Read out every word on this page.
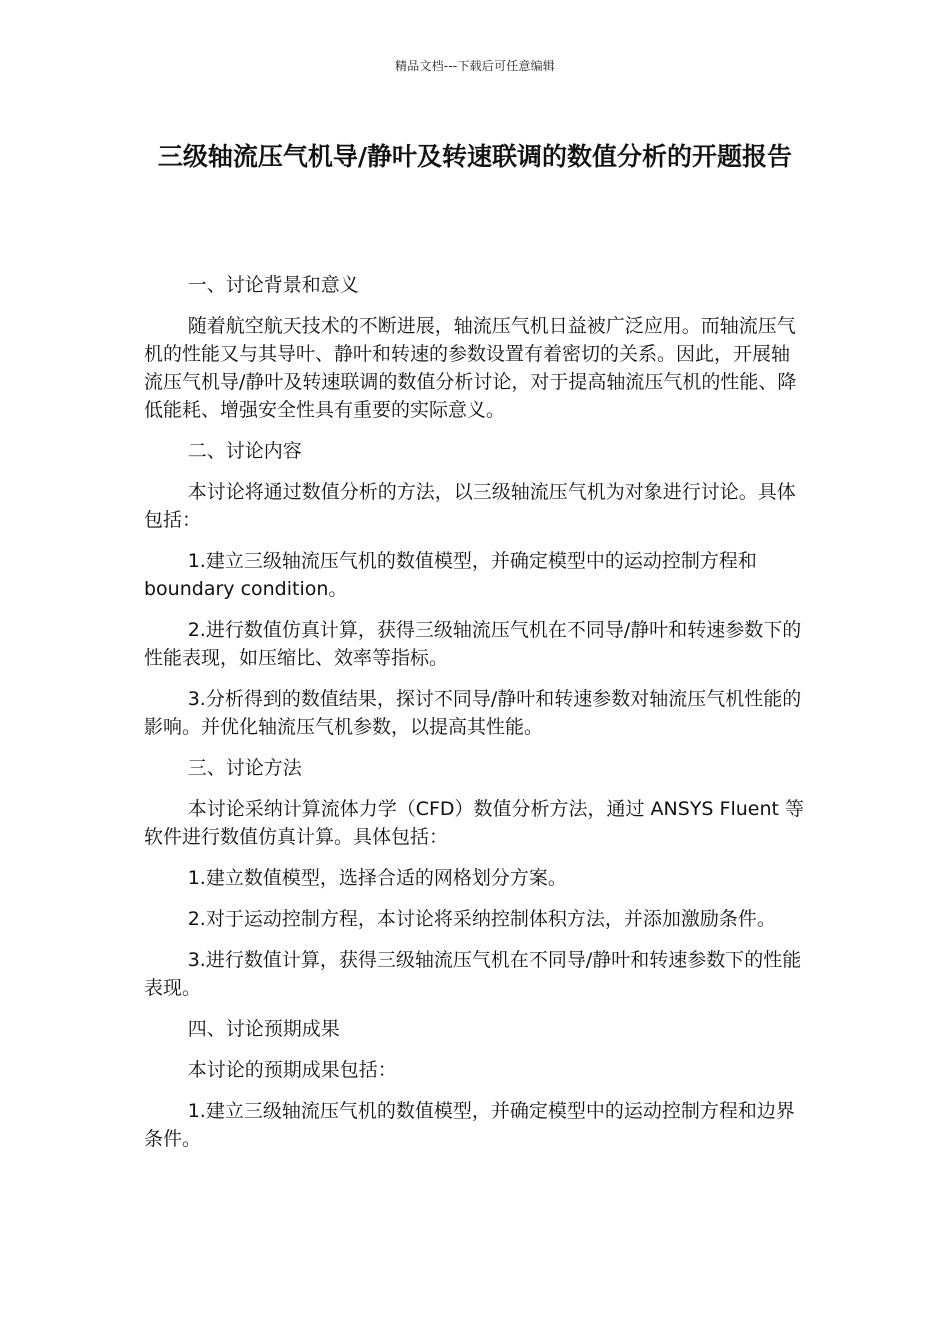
精品文档---下载后可任意编辑
三级轴流压气机导/静叶及转速联调的数值分析的开题报告

一、讨论背景和意义

随着航空航天技术的不断进展，轴流压气机日益被广泛应用。而轴流压气机的性能又与其导叶、静叶和转速的参数设置有着密切的关系。因此，开展轴流压气机导/静叶及转速联调的数值分析讨论，对于提高轴流压气机的性能、降低能耗、增强安全性具有重要的实际意义。

二、讨论内容

本讨论将通过数值分析的方法，以三级轴流压气机为对象进行讨论。具体包括：

1.建立三级轴流压气机的数值模型，并确定模型中的运动控制方程和 boundary condition。

2.进行数值仿真计算，获得三级轴流压气机在不同导/静叶和转速参数下的性能表现，如压缩比、效率等指标。

3.分析得到的数值结果，探讨不同导/静叶和转速参数对轴流压气机性能的影响。并优化轴流压气机参数，以提高其性能。

三、讨论方法

本讨论采纳计算流体力学（CFD）数值分析方法，通过 ANSYS Fluent 等软件进行数值仿真计算。具体包括：

1.建立数值模型，选择合适的网格划分方案。

2.对于运动控制方程，本讨论将采纳控制体积方法，并添加激励条件。

3.进行数值计算，获得三级轴流压气机在不同导/静叶和转速参数下的性能表现。

四、讨论预期成果

本讨论的预期成果包括：

1.建立三级轴流压气机的数值模型，并确定模型中的运动控制方程和边界条件。
